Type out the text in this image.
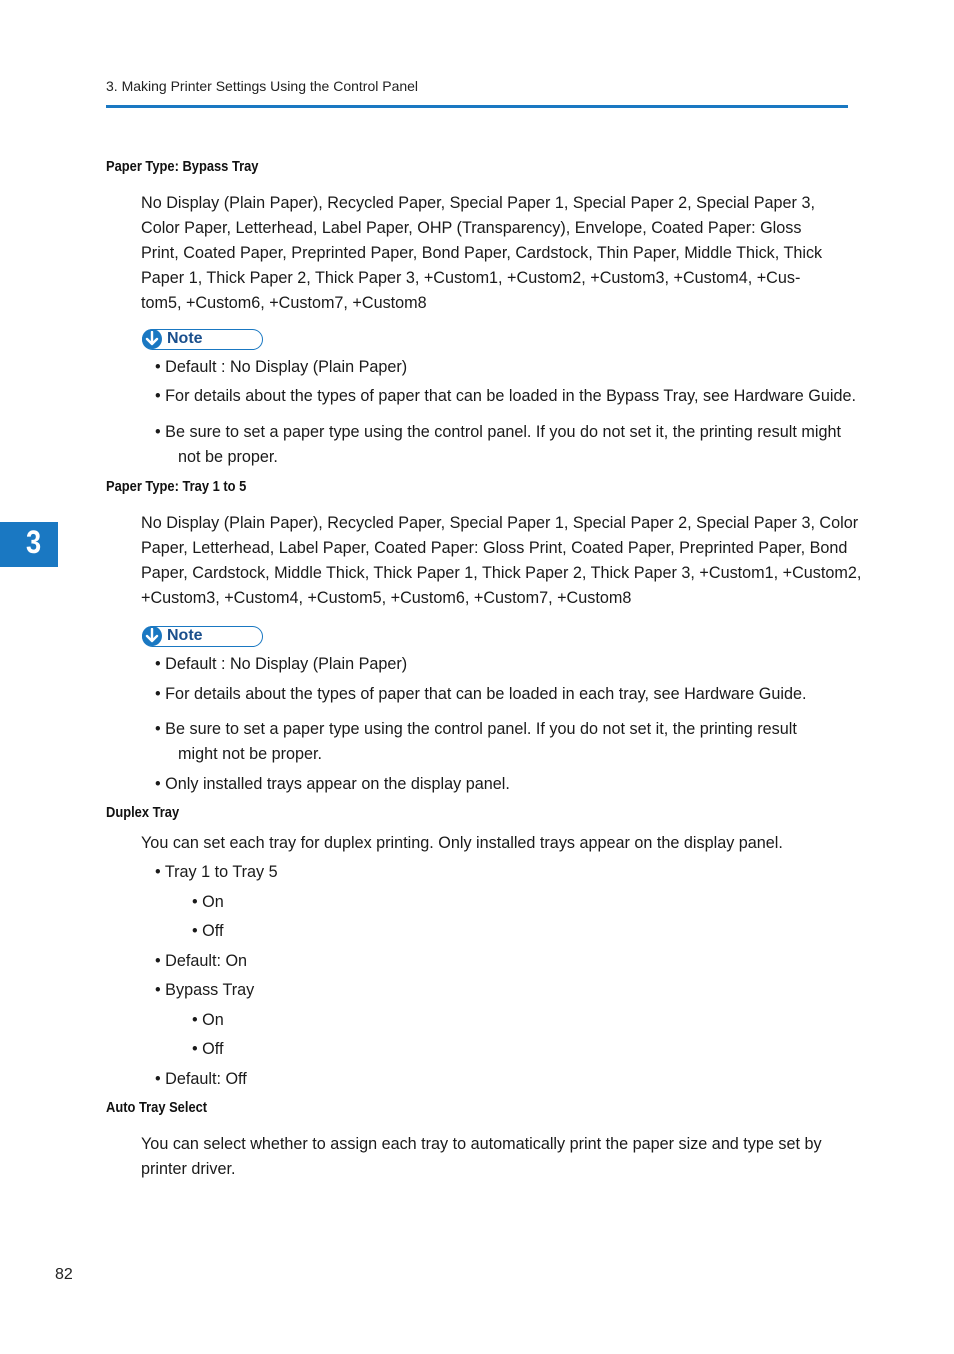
3. Making Printer Settings Using the Control Panel
3
Paper Type: Bypass Tray
No Display (Plain Paper), Recycled Paper, Special Paper 1, Special Paper 2, Special Paper 3,
Color Paper, Letterhead, Label Paper, OHP (Transparency), Envelope, Coated Paper: Gloss
Print, Coated Paper, Preprinted Paper, Bond Paper, Cardstock, Thin Paper, Middle Thick, Thick
Paper 1, Thick Paper 2, Thick Paper 3, +Custom1, +Custom2, +Custom3, +Custom4, +Cus-
tom5, +Custom6, +Custom7, +Custom8
Note
• Default : No Display (Plain Paper)
• For details about the types of paper that can be loaded in the Bypass Tray, see Hardware Guide.
• Be sure to set a paper type using the control panel. If you do not set it, the printing result might
not be proper.
Paper Type: Tray 1 to 5
No Display (Plain Paper), Recycled Paper, Special Paper 1, Special Paper 2, Special Paper 3, Color
Paper, Letterhead, Label Paper, Coated Paper: Gloss Print, Coated Paper, Preprinted Paper, Bond
Paper, Cardstock, Middle Thick, Thick Paper 1, Thick Paper 2, Thick Paper 3, +Custom1, +Custom2,
+Custom3, +Custom4, +Custom5, +Custom6, +Custom7, +Custom8
Note
• Default : No Display (Plain Paper)
• For details about the types of paper that can be loaded in each tray, see Hardware Guide.
• Be sure to set a paper type using the control panel. If you do not set it, the printing result
might not be proper.
• Only installed trays appear on the display panel.
Duplex Tray
You can set each tray for duplex printing. Only installed trays appear on the display panel.
• Tray 1 to Tray 5
• On
• Off
• Default: On
• Bypass Tray
• On
• Off
• Default: Off
Auto Tray Select
You can select whether to assign each tray to automatically print the paper size and type set by
printer driver.
82
